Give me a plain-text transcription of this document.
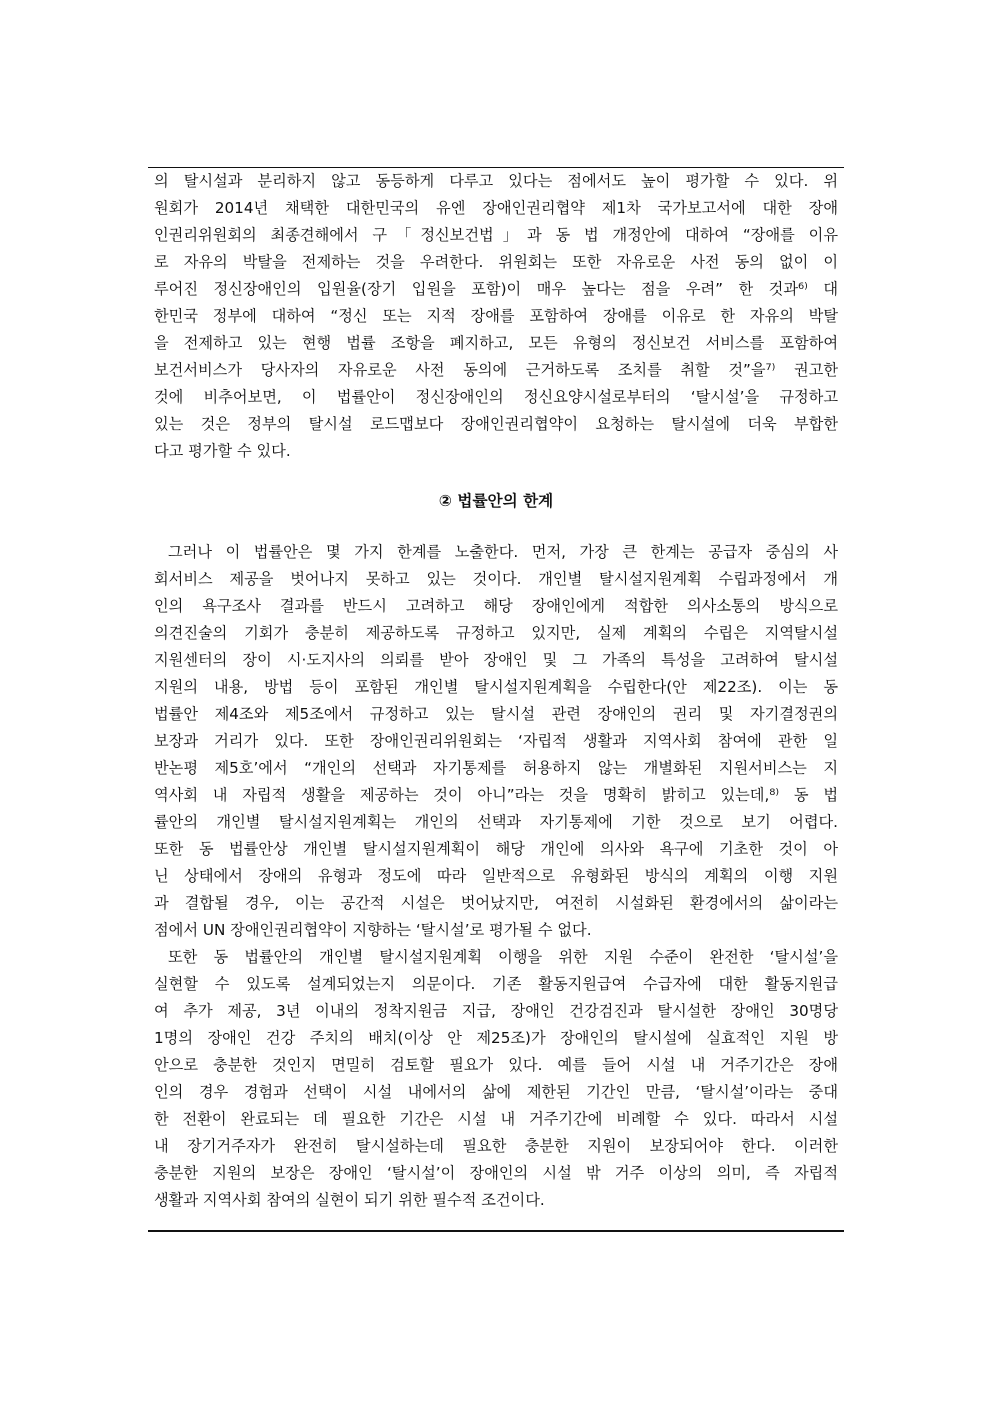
의 탈시설과 분리하지 않고 동등하게 다루고 있다는 점에서도 높이 평가할 수 있다. 위
원회가 2014년 채택한 대한민국의 유엔 장애인권리협약 제1차 국가보고서에 대한 장애
인권리위원회의 최종견해에서 구「정신보건법」과 동 법 개정안에 대하여 “장애를 이유
로 자유의 박탈을 전제하는 것을 우려한다. 위원회는 또한 자유로운 사전 동의 없이 이
루어진 정신장애인의 입원율(장기 입원을 포함)이 매우 높다는 점을 우려” 한 것과⁶⁾ 대
한민국 정부에 대하여 “정신 또는 지적 장애를 포함하여 장애를 이유로 한 자유의 박탈
을 전제하고 있는 현행 법률 조항을 폐지하고, 모든 유형의 정신보건 서비스를 포함하여
보건서비스가 당사자의 자유로운 사전 동의에 근거하도록 조치를 취할 것”을⁷⁾ 권고한
것에 비추어보면, 이 법률안이 정신장애인의 정신요양시설로부터의 ‘탈시설’을 규정하고
있는 것은 정부의 탈시설 로드맵보다 장애인권리협약이 요청하는 탈시설에 더욱 부합한
다고 평가할 수 있다.
② 법률안의 한계
그러나 이 법률안은 몇 가지 한계를 노출한다. 먼저, 가장 큰 한계는 공급자 중심의 사
회서비스 제공을 벗어나지 못하고 있는 것이다. 개인별 탈시설지원계획 수립과정에서 개
인의 욕구조사 결과를 반드시 고려하고 해당 장애인에게 적합한 의사소통의 방식으로
의견진술의 기회가 충분히 제공하도록 규정하고 있지만, 실제 계획의 수립은 지역탈시설
지원센터의 장이 시·도지사의 의뢰를 받아 장애인 및 그 가족의 특성을 고려하여 탈시설
지원의 내용, 방법 등이 포함된 개인별 탈시설지원계획을 수립한다(안 제22조). 이는 동
법률안 제4조와 제5조에서 규정하고 있는 탈시설 관련 장애인의 권리 및 자기결정권의
보장과 거리가 있다. 또한 장애인권리위원회는 ‘자립적 생활과 지역사회 참여에 관한 일
반논평 제5호’에서 “개인의 선택과 자기통제를 허용하지 않는 개별화된 지원서비스는 지
역사회 내 자립적 생활을 제공하는 것이 아니”라는 것을 명확히 밝히고 있는데,⁸⁾ 동 법
률안의 개인별 탈시설지원계획는 개인의 선택과 자기통제에 기한 것으로 보기 어렵다.
또한 동 법률안상 개인별 탈시설지원계획이 해당 개인에 의사와 욕구에 기초한 것이 아
닌 상태에서 장애의 유형과 정도에 따라 일반적으로 유형화된 방식의 계획의 이행 지원
과 결합될 경우, 이는 공간적 시설은 벗어났지만, 여전히 시설화된 환경에서의 삶이라는
점에서 UN 장애인권리협약이 지향하는 ‘탈시설’로 평가될 수 없다.
또한 동 법률안의 개인별 탈시설지원계획 이행을 위한 지원 수준이 완전한 ‘탈시설’을
실현할 수 있도록 설계되었는지 의문이다. 기존 활동지원급여 수급자에 대한 활동지원급
여 추가 제공, 3년 이내의 정착지원금 지급, 장애인 건강검진과 탈시설한 장애인 30명당
1명의 장애인 건강 주치의 배치(이상 안 제25조)가 장애인의 탈시설에 실효적인 지원 방
안으로 충분한 것인지 면밀히 검토할 필요가 있다. 예를 들어 시설 내 거주기간은 장애
인의 경우 경험과 선택이 시설 내에서의 삶에 제한된 기간인 만큼, ‘탈시설’이라는 중대
한 전환이 완료되는 데 필요한 기간은 시설 내 거주기간에 비례할 수 있다. 따라서 시설
내 장기거주자가 완전히 탈시설하는데 필요한 충분한 지원이 보장되어야 한다. 이러한
충분한 지원의 보장은 장애인 ‘탈시설’이 장애인의 시설 밖 거주 이상의 의미, 즉 자립적
생활과 지역사회 참여의 실현이 되기 위한 필수적 조건이다.
